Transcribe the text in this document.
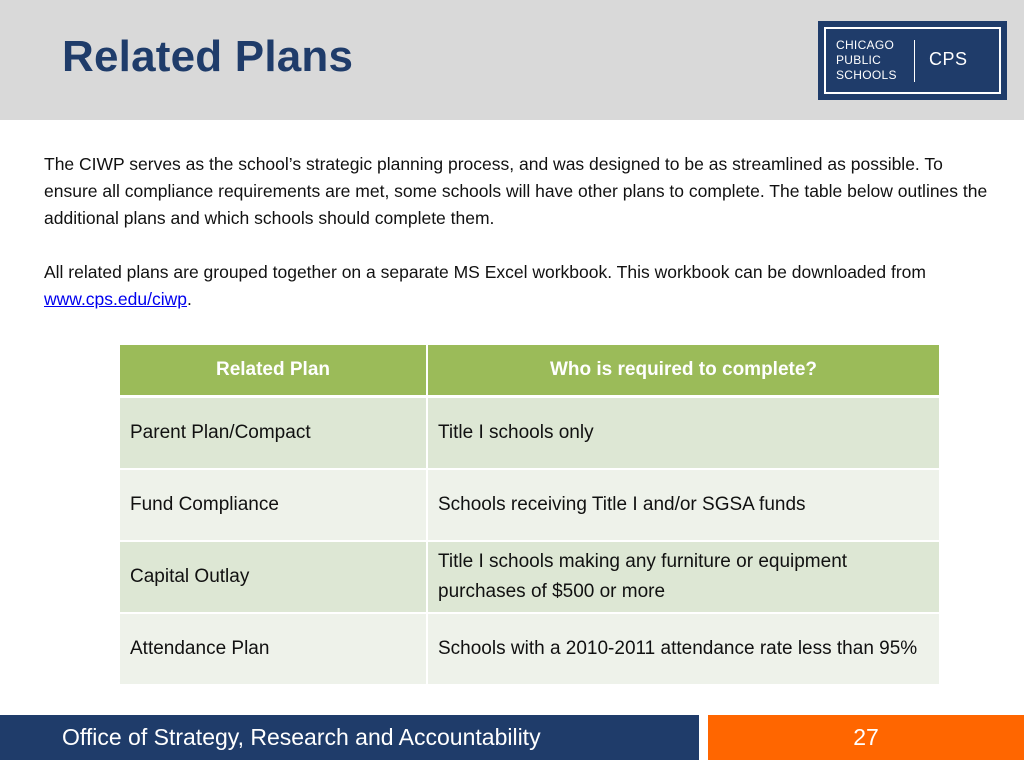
Related Plans	CHICAGO
PUBLIC
SCHOOLS
CPS

The CIWP serves as the school’s strategic planning process, and was designed to be as streamlined as possible. To ensure all compliance requirements are met, some schools will have other plans to complete. The table below outlines the additional plans and which schools should complete them.

All related plans are grouped together on a separate MS Excel workbook. This workbook can be downloaded from www.cps.edu/ciwp.

Related Plan	Who is required to complete?
Parent Plan/Compact	Title I schools only
Fund Compliance	Schools receiving Title I and/or SGSA funds
Capital Outlay	Title I schools making any furniture or equipment purchases of $500 or more
Attendance Plan	Schools with a 2010-2011 attendance rate less than 95%
Office of Strategy, Research and Accountability	27
